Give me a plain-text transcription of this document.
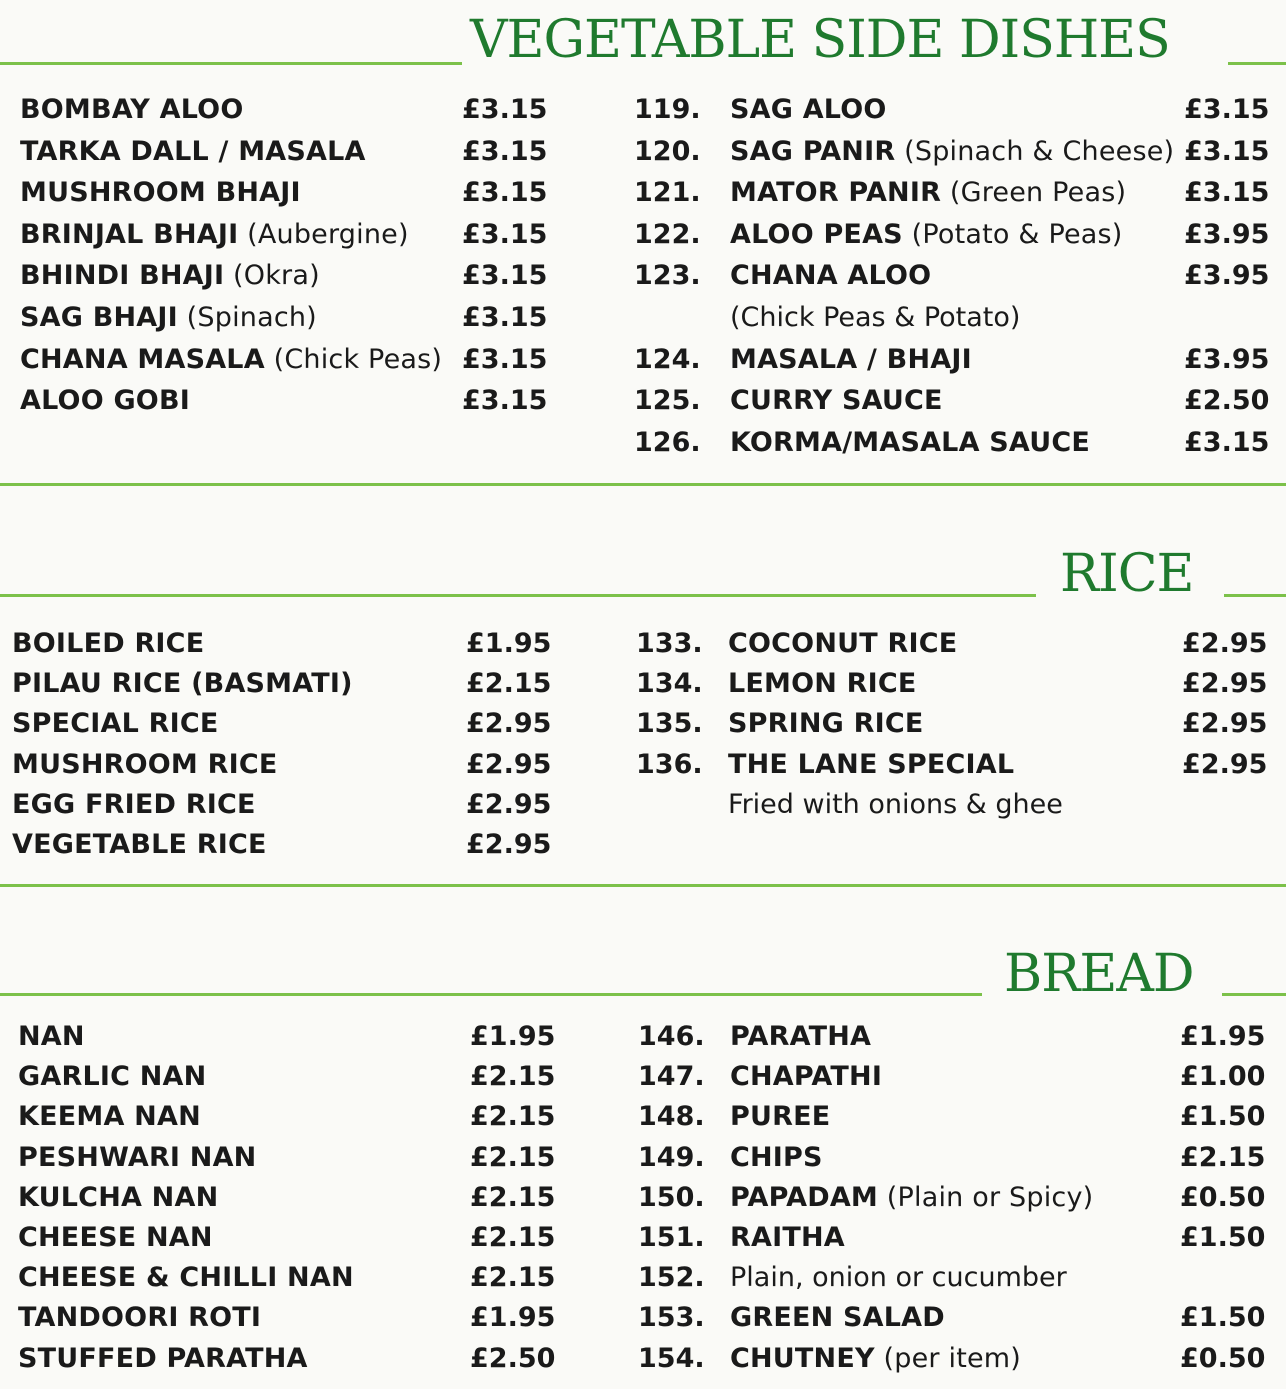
VEGETABLE SIDE DISHES
BOMBAY ALOO	£3.15
TARKA DALL / MASALA	£3.15
MUSHROOM BHAJI	£3.15
BRINJAL BHAJI (Aubergine) £3.15
BHINDI BHAJI (Okra)	£3.15
SAG BHAJI (Spinach)	£3.15
CHANA MASALA (Chick Peas) £3.15
ALOO GOBI	£3.15
119. SAG ALOO	£3.15
120. SAG PANIR (Spinach & Cheese) £3.15
121. MATOR PANIR (Green Peas) £3.15
122. ALOO PEAS (Potato & Peas) £3.95
123. CHANA ALOO	£3.95
(Chick Peas & Potato)
124. MASALA / BHAJI	£3.95
125. CURRY SAUCE	£2.50
126. KORMA/MASALA SAUCE	£3.15
RICE
BOILED RICE	£1.95
PILAU RICE (BASMATI)	£2.15
SPECIAL RICE	£2.95
MUSHROOM RICE	£2.95
EGG FRIED RICE	£2.95
VEGETABLE RICE	£2.95
133. COCONUT RICE	£2.95
134. LEMON RICE	£2.95
135. SPRING RICE	£2.95
136. THE LANE SPECIAL	£2.95
Fried with onions & ghee
BREAD
NAN	£1.95
GARLIC NAN	£2.15
KEEMA NAN	£2.15
PESHWARI NAN	£2.15
KULCHA NAN	£2.15
CHEESE NAN	£2.15
CHEESE & CHILLI NAN	£2.15
TANDOORI ROTI	£1.95
STUFFED PARATHA	£2.50
146. PARATHA	£1.95
147. CHAPATHI	£1.00
148. PUREE	£1.50
149. CHIPS	£2.15
150. PAPADAM (Plain or Spicy)	£0.50
151. RAITHA	£1.50
152. Plain, onion or cucumber
153. GREEN SALAD	£1.50
154. CHUTNEY (per item)	£0.50
